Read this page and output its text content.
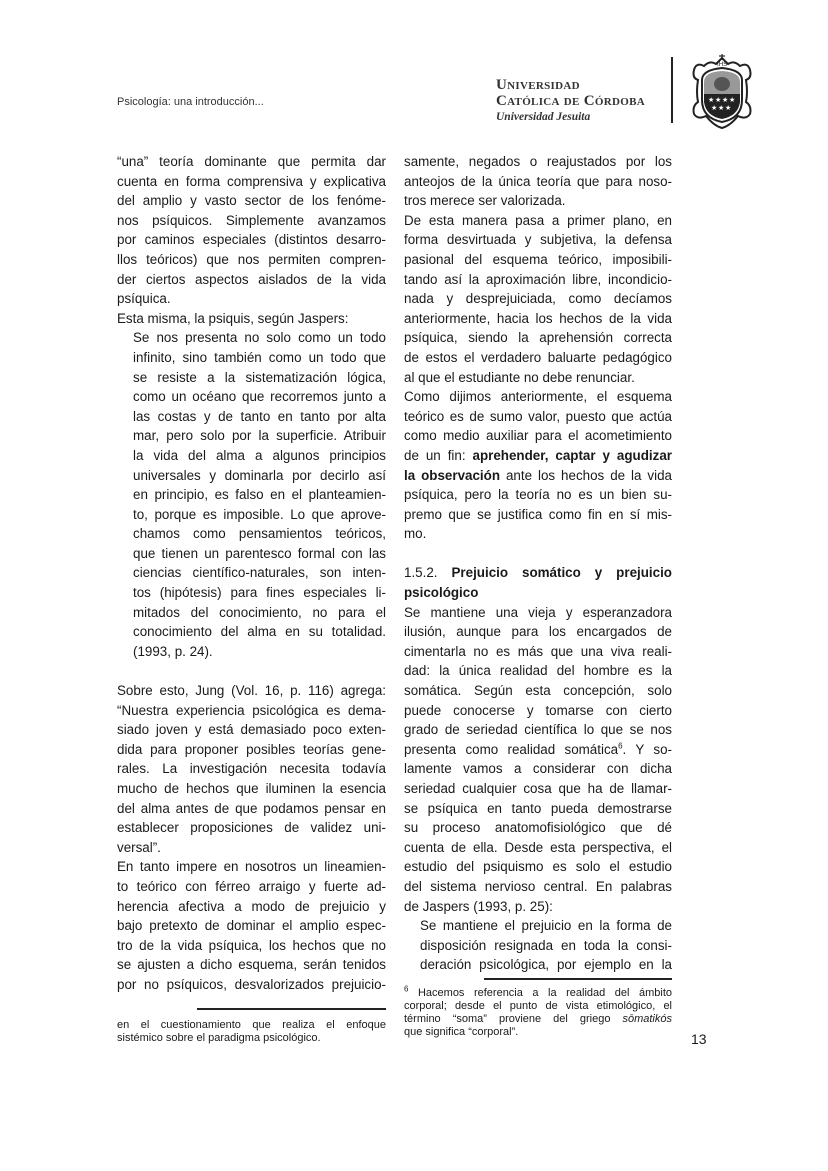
Psicología: una introducción...
Universidad
Católica de Córdoba
Universidad Jesuita
★ ★ ★ ★
★ ★ ★
IHS
“una” teoría dominante que permita dar
cuenta en forma comprensiva y explicativa
del amplio y vasto sector de los fenóme-
nos psíquicos. Simplemente avanzamos
por caminos especiales (distintos desarro-
llos teóricos) que nos permiten compren-
der ciertos aspectos aislados de la vida
psíquica.
Esta misma, la psiquis, según Jaspers:
Se nos presenta no solo como un todo
infinito, sino también como un todo que
se resiste a la sistematización lógica,
como un océano que recorremos junto a
las costas y de tanto en tanto por alta
mar, pero solo por la superficie. Atribuir
la vida del alma a algunos principios
universales y dominarla por decirlo así
en principio, es falso en el planteamien-
to, porque es imposible. Lo que aprove-
chamos como pensamientos teóricos,
que tienen un parentesco formal con las
ciencias científico-naturales, son inten-
tos (hipótesis) para fines especiales li-
mitados del conocimiento, no para el
conocimiento del alma en su totalidad.
(1993, p. 24).
Sobre esto, Jung (Vol. 16, p. 116) agrega:
“Nuestra experiencia psicológica es dema-
siado joven y está demasiado poco exten-
dida para proponer posibles teorías gene-
rales. La investigación necesita todavía
mucho de hechos que iluminen la esencia
del alma antes de que podamos pensar en
establecer proposiciones de validez uni-
versal”.
En tanto impere en nosotros un lineamien-
to teórico con férreo arraigo y fuerte ad-
herencia afectiva a modo de prejuicio y
bajo pretexto de dominar el amplio espec-
tro de la vida psíquica, los hechos que no
se ajusten a dicho esquema, serán tenidos
por no psíquicos, desvalorizados prejuicio-
en el cuestionamiento que realiza el enfoque
sistémico sobre el paradigma psicológico.
samente, negados o reajustados por los
anteojos de la única teoría que para noso-
tros merece ser valorizada.
De esta manera pasa a primer plano, en
forma desvirtuada y subjetiva, la defensa
pasional del esquema teórico, imposibili-
tando así la aproximación libre, incondicio-
nada y desprejuiciada, como decíamos
anteriormente, hacia los hechos de la vida
psíquica, siendo la aprehensión correcta
de estos el verdadero baluarte pedagógico
al que el estudiante no debe renunciar.
Como dijimos anteriormente, el esquema
teórico es de sumo valor, puesto que actúa
como medio auxiliar para el acometimiento
de un fin: aprehender, captar y agudizar
la observación ante los hechos de la vida
psíquica, pero la teoría no es un bien su-
premo que se justifica como fin en sí mis-
mo.
1.5.2. Prejuicio somático y prejuicio
psicológico
Se mantiene una vieja y esperanzadora
ilusión, aunque para los encargados de
cimentarla no es más que una viva reali-
dad: la única realidad del hombre es la
somática. Según esta concepción, solo
puede conocerse y tomarse con cierto
grado de seriedad científica lo que se nos
presenta como realidad somática$^6$. Y so-
lamente vamos a considerar con dicha
seriedad cualquier cosa que ha de llamar-
se psíquica en tanto pueda demostrarse
su proceso anatomofisiológico que dé
cuenta de ella. Desde esta perspectiva, el
estudio del psiquismo es solo el estudio
del sistema nervioso central. En palabras
de Jaspers (1993, p. 25):
Se mantiene el prejuicio en la forma de
disposición resignada en toda la consi-
deración psicológica, por ejemplo en la
$^6$ Hacemos referencia a la realidad del ámbito
corporal; desde el punto de vista etimológico, el
término “soma” proviene del griego sōmatikós
que significa “corporal”.	13
